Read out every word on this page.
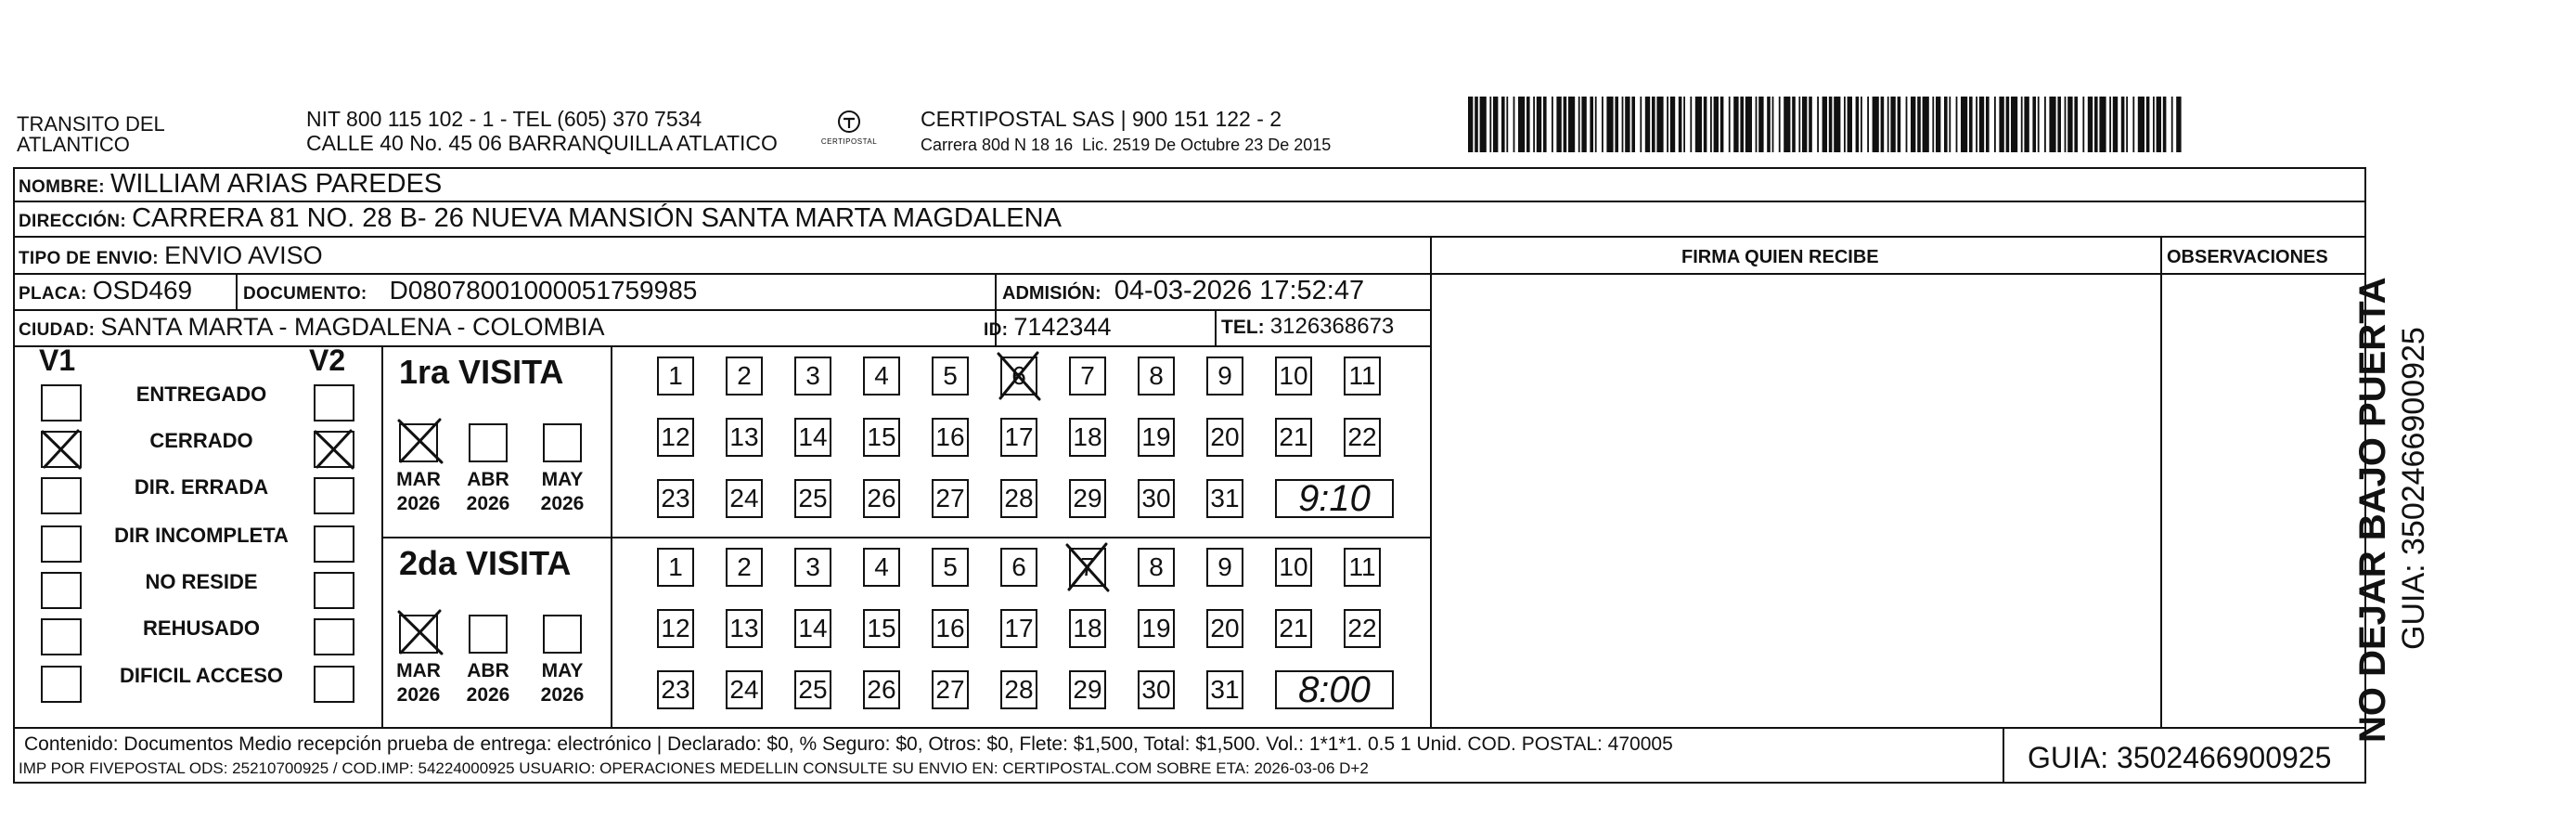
TRANSITO DEL
ATLANTICO
NIT 800 115 102 - 1 - TEL (605) 370 7534
CALLE 40 No. 45 06 BARRANQUILLA ATLATICO	CERTIPOSTAL
CERTIPOSTAL SAS | 900 151 122 - 2
Carrera 80d N 18 16  Lic. 2519 De Octubre 23 De 2015
NOMBRE: WILLIAM ARIAS PAREDES
DIRECCIÓN: CARRERA 81 NO. 28 B- 26 NUEVA MANSIÓN SANTA MARTA MAGDALENA
TIPO DE ENVIO: ENVIO AVISO	FIRMA QUIEN RECIBE	OBSERVACIONES
PLACA: OSD469	DOCUMENTO: D08078001000051759985	ADMISIÓN: 04-03-2026 17:52:47
CIUDAD: SANTA MARTA - MAGDALENA - COLOMBIA	ID: 7142344	TEL: 3126368673
V1	V2
ENTREGADO
CERRADO
DIR. ERRADA
DIR INCOMPLETA
NO RESIDE
REHUSADO
DIFICIL ACCESO
1ra VISITA
MAR
2026
ABR
2026
MAY
2026
1	2	3	4	5	6	7	8	9	10 11
12 13 14 15 16 17 18 19 20 21 22
23 24 25 26 27 28 29 30 31	9:10
2da VISITA
MAR
2026
ABR
2026
MAY
2026
1	2	3	4	5	6	7	8	9	10 11
12 13 14 15 16 17 18 19 20 21 22
23 24 25 26 27 28 29 30 31	8:00
Contenido: Documentos Medio recepción prueba de entrega: electrónico | Declarado: $0, % Seguro: $0, Otros: $0, Flete: $1,500, Total: $1,500. Vol.: 1*1*1. 0.5 1 Unid. COD. POSTAL: 470005
IMP POR FIVEPOSTAL ODS: 25210700925 / COD.IMP: 54224000925 USUARIO: OPERACIONES MEDELLIN CONSULTE SU ENVIO EN: CERTIPOSTAL.COM SOBRE ETA: 2026-03-06 D+2	GUIA: 3502466900925
NO DEJAR BAJO PUERTA GUIA: 3502466900925
